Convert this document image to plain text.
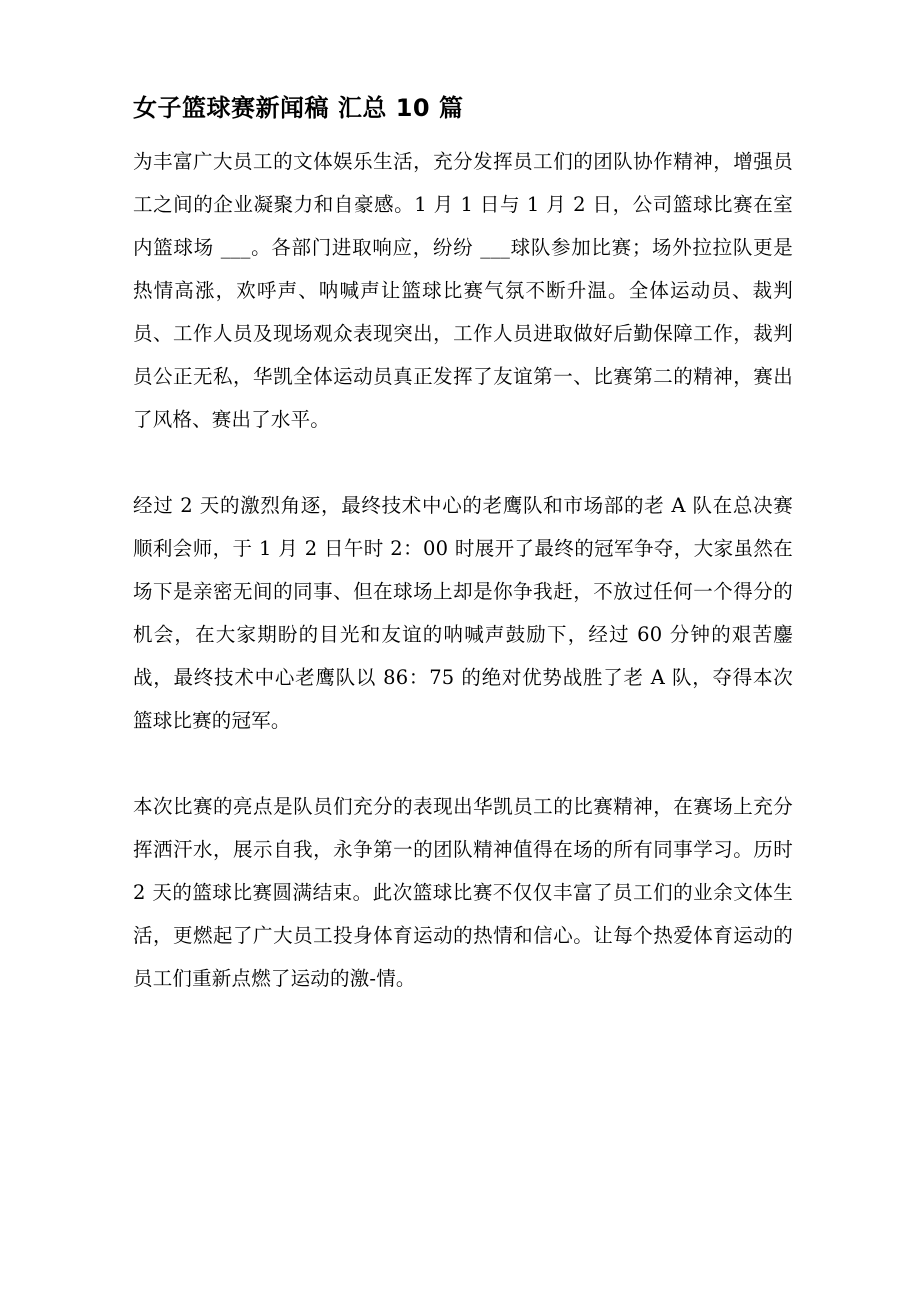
女子篮球赛新闻稿 汇总 10 篇

为丰富广大员工的文体娱乐生活，充分发挥员工们的团队协作精神，增强员工之间的企业凝聚力和自豪感。1 月 1 日与 1 月 2 日，公司篮球比赛在室内篮球场 ___。各部门进取响应，纷纷 ___球队参加比赛；场外拉拉队更是热情高涨，欢呼声、呐喊声让篮球比赛气氛不断升温。全体运动员、裁判员、工作人员及现场观众表现突出，工作人员进取做好后勤保障工作，裁判员公正无私，华凯全体运动员真正发挥了友谊第一、比赛第二的精神，赛出了风格、赛出了水平。

经过 2 天的激烈角逐，最终技术中心的老鹰队和市场部的老 A 队在总决赛顺利会师，于 1 月 2 日午时 2：00 时展开了最终的冠军争夺，大家虽然在场下是亲密无间的同事、但在球场上却是你争我赶，不放过任何一个得分的机会，在大家期盼的目光和友谊的呐喊声鼓励下，经过 60 分钟的艰苦鏖战，最终技术中心老鹰队以 86：75 的绝对优势战胜了老 A 队，夺得本次篮球比赛的冠军。

本次比赛的亮点是队员们充分的表现出华凯员工的比赛精神，在赛场上充分挥洒汗水，展示自我，永争第一的团队精神值得在场的所有同事学习。历时 2 天的篮球比赛圆满结束。此次篮球比赛不仅仅丰富了员工们的业余文体生活，更燃起了广大员工投身体育运动的热情和信心。让每个热爱体育运动的员工们重新点燃了运动的激-情。
